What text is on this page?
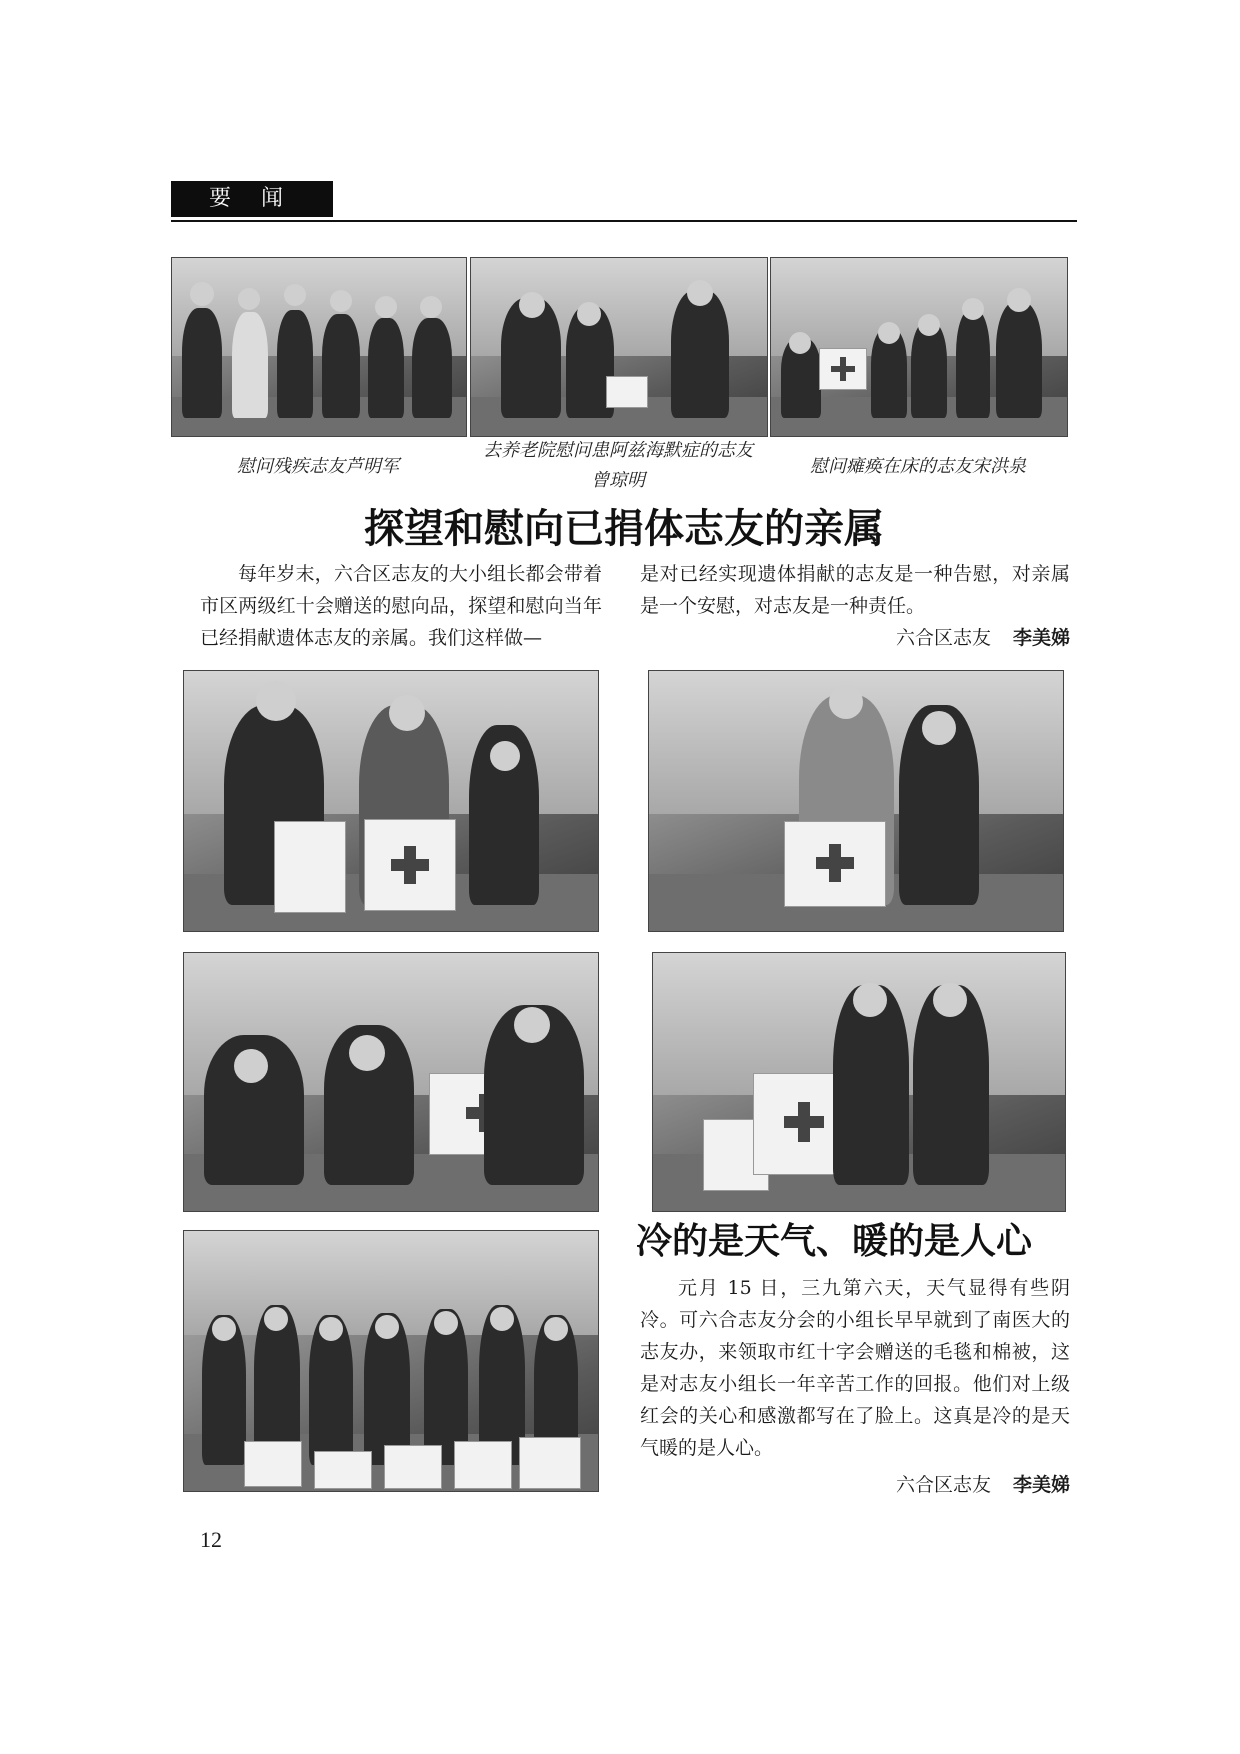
要闻
慰问残疾志友芦明军
去养老院慰问患阿兹海默症的志友曾琼明
慰问瘫痪在床的志友宋洪泉
探望和慰向已捐体志友的亲属
每年岁末，六合区志友的大小组长都会带着市区两级红十会赠送的慰向品，探望和慰向当年已经捐献遗体志友的亲属。我们这样做—
是对已经实现遗体捐献的志友是一种告慰，对亲属是一个安慰，对志友是一种责任。
六合区志友 李美娣
冷的是天气、暖的是人心
元月 15 日，三九第六天，天气显得有些阴冷。可六合志友分会的小组长早早就到了南医大的志友办，来领取市红十字会赠送的毛毯和棉被，这是对志友小组长一年辛苦工作的回报。他们对上级红会的关心和感激都写在了脸上。这真是冷的是天气暖的是人心。
六合区志友 李美娣
12
